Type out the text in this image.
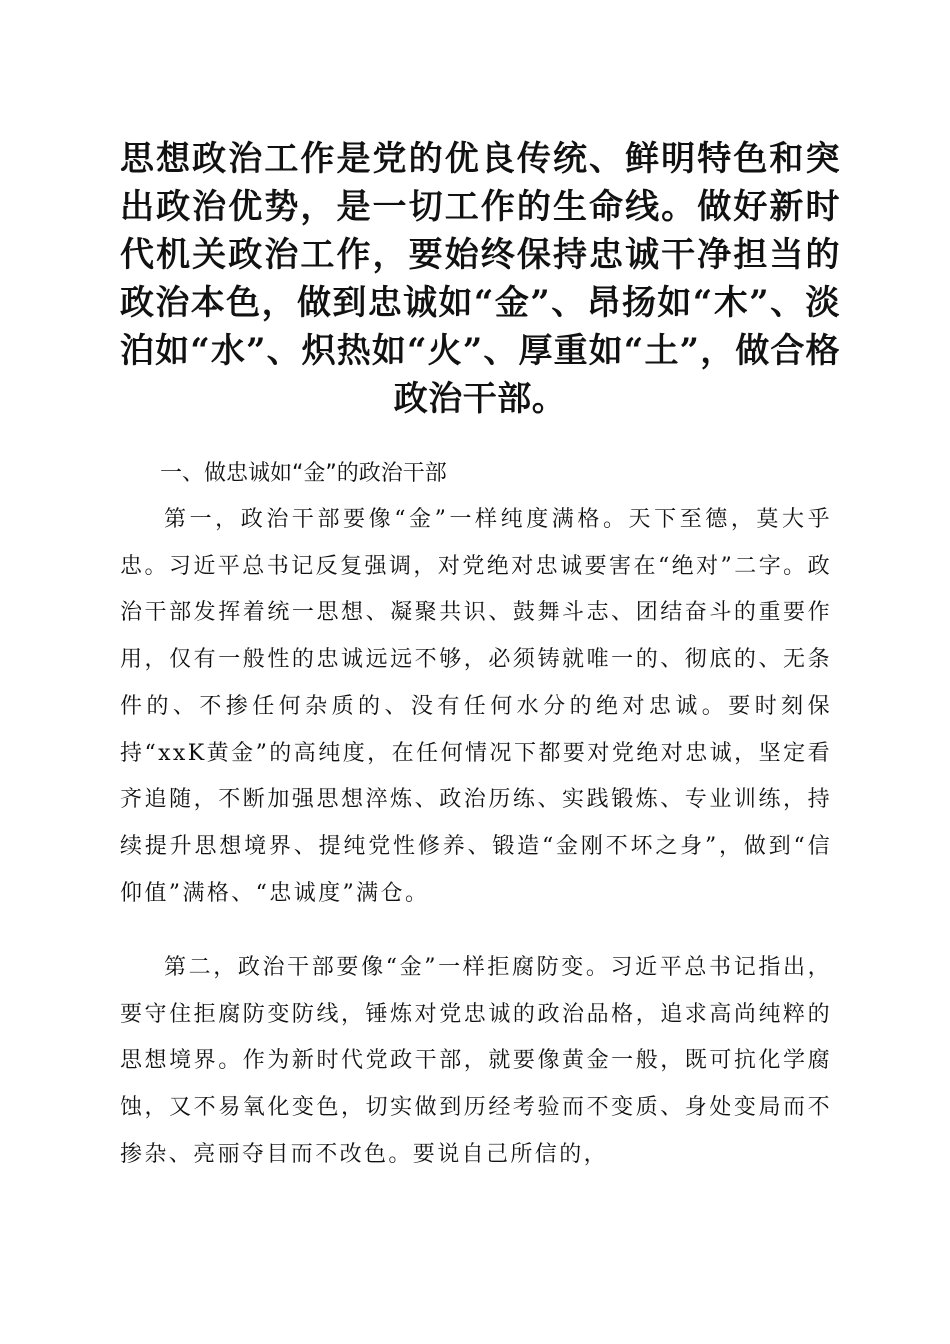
思想政治工作是党的优良传统、鲜明特色和突出政治优势，是一切工作的生命线。做好新时代机关政治工作，要始终保持忠诚干净担当的政治本色，做到忠诚如“金”、昂扬如“木”、淡泊如“水”、炽热如“火”、厚重如“土”，做合格政治干部。
一、做忠诚如“金”的政治干部
第一，政治干部要像“金”一样纯度满格。天下至德，莫大乎忠。习近平总书记反复强调，对党绝对忠诚要害在“绝对”二字。政治干部发挥着统一思想、凝聚共识、鼓舞斗志、团结奋斗的重要作用，仅有一般性的忠诚远远不够，必须铸就唯一的、彻底的、无条件的、不掺任何杂质的、没有任何水分的绝对忠诚。要时刻保持“xxK黄金”的高纯度，在任何情况下都要对党绝对忠诚，坚定看齐追随，不断加强思想淬炼、政治历练、实践锻炼、专业训练，持续提升思想境界、提纯党性修养、锻造“金刚不坏之身”，做到“信仰值”满格、“忠诚度”满仓。
第二，政治干部要像“金”一样拒腐防变。习近平总书记指出，要守住拒腐防变防线，锤炼对党忠诚的政治品格，追求高尚纯粹的思想境界。作为新时代党政干部，就要像黄金一般，既可抗化学腐蚀，又不易氧化变色，切实做到历经考验而不变质、身处变局而不掺杂、亮丽夺目而不改色。要说自己所信的，
